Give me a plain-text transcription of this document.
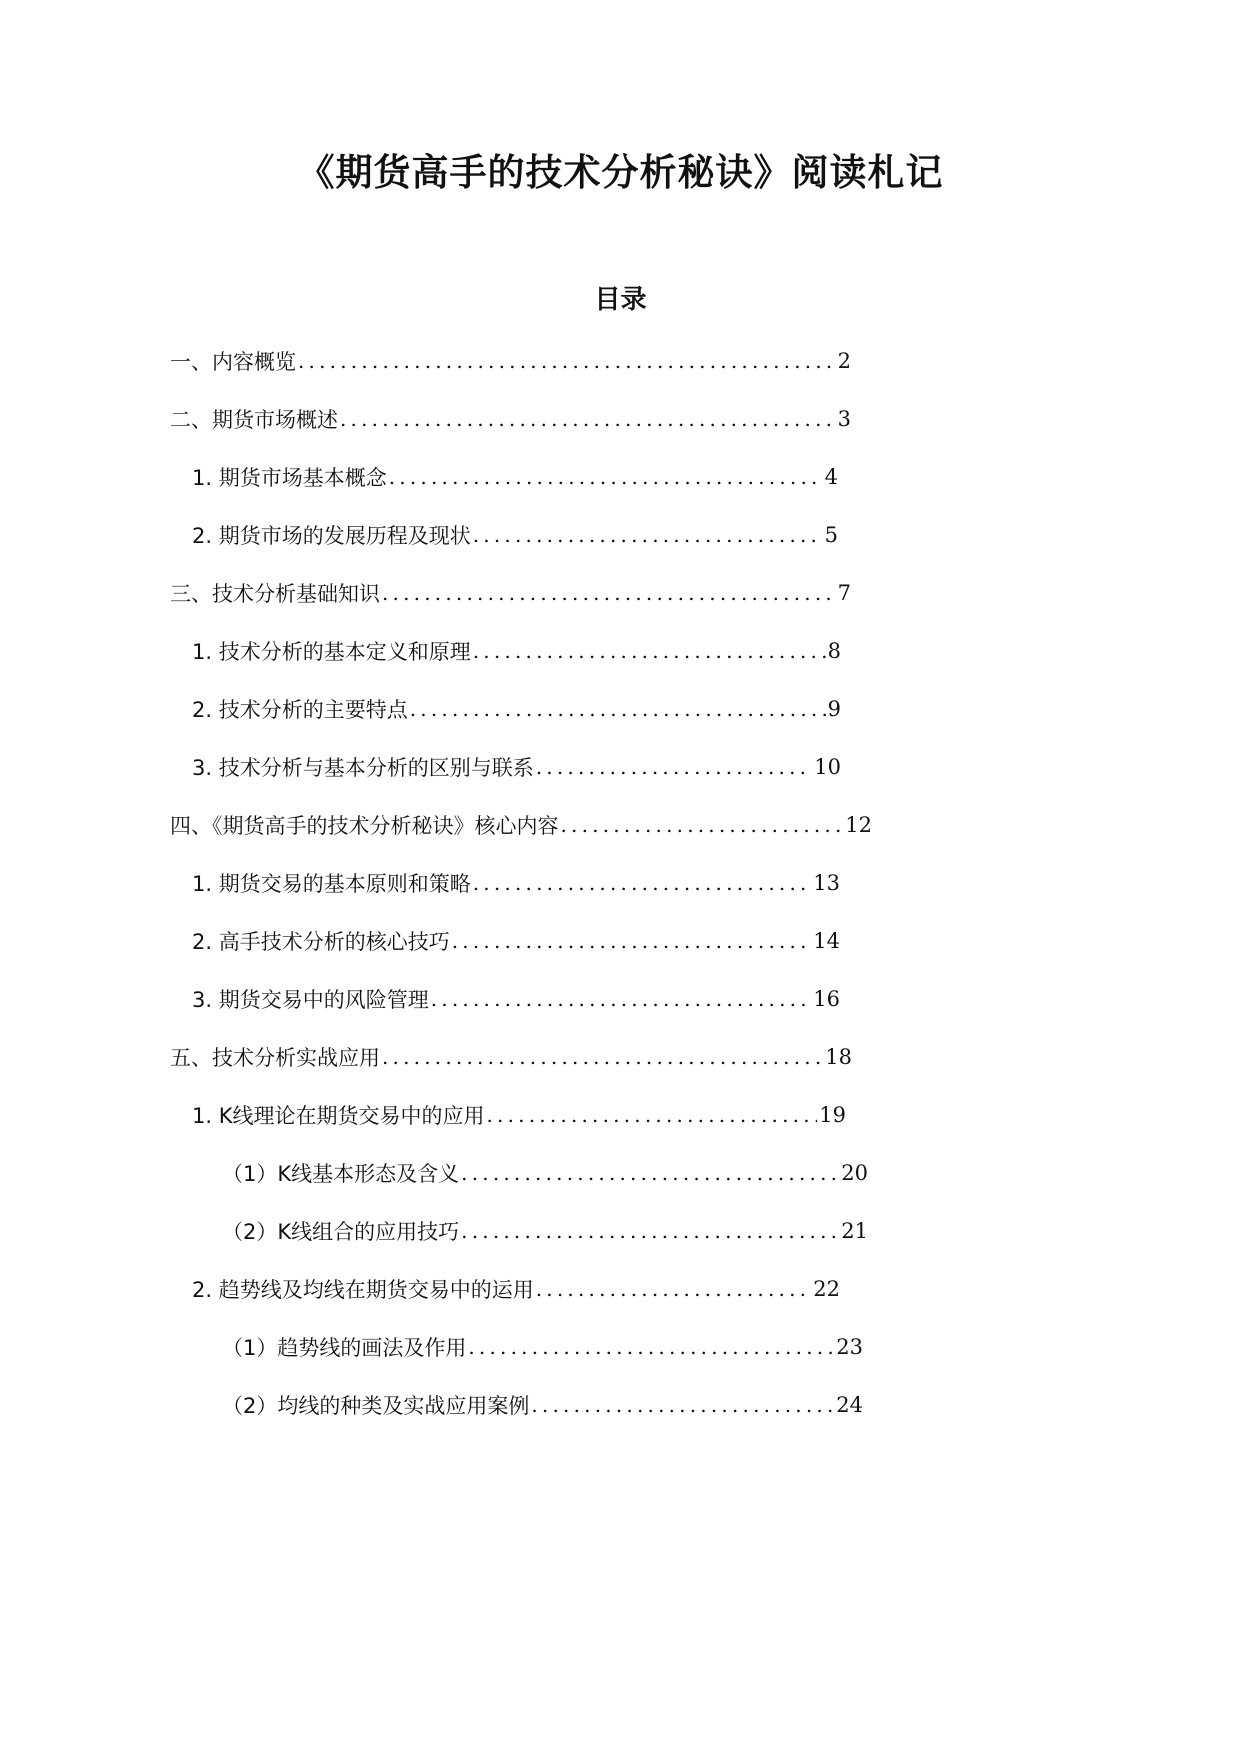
《期货高手的技术分析秘诀》阅读札记
目录
一、内容概览 .....	2
二、期货市场概述 .....	3
1. 期货市场基本概念 .....	4
2. 期货市场的发展历程及现状 .....	5
三、技术分析基础知识 .....	7
1. 技术分析的基本定义和原理 .....	8
2. 技术分析的主要特点 .....	9
3. 技术分析与基本分析的区别与联系 .....	10
四、《期货高手的技术分析秘诀》核心内容 .....	12
1. 期货交易的基本原则和策略 .....	13
2. 高手技术分析的核心技巧 .....	14
3. 期货交易中的风险管理 .....	16
五、技术分析实战应用 .....	18
1. K线理论在期货交易中的应用 .....	19
（1）K线基本形态及含义 .....	20
（2）K线组合的应用技巧 .....	21
2. 趋势线及均线在期货交易中的运用 .....	22
（1）趋势线的画法及作用 .....	23
（2）均线的种类及实战应用案例 .....	24
